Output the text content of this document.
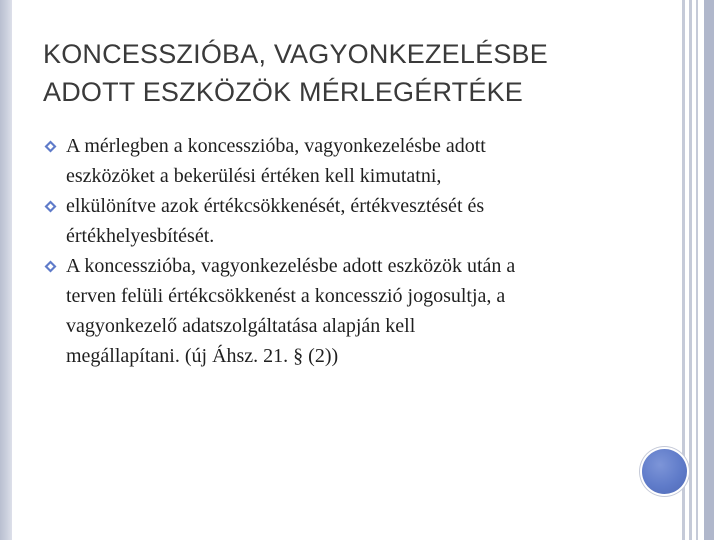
KONCESSZIÓBA, VAGYONKEZELÉSBE
ADOTT ESZKÖZÖK MÉRLEGÉRTÉKE
A mérlegben a koncesszióba, vagyonkezelésbe adott
eszközöket a bekerülési értéken kell kimutatni,
elkülönítve azok értékcsökkenését, értékvesztését és
értékhelyesbítését.
A koncesszióba, vagyonkezelésbe adott eszközök után a
terven felüli értékcsökkenést a koncesszió jogosultja, a
vagyonkezelő adatszolgáltatása alapján kell
megállapítani. (új Áhsz. 21. § (2))
